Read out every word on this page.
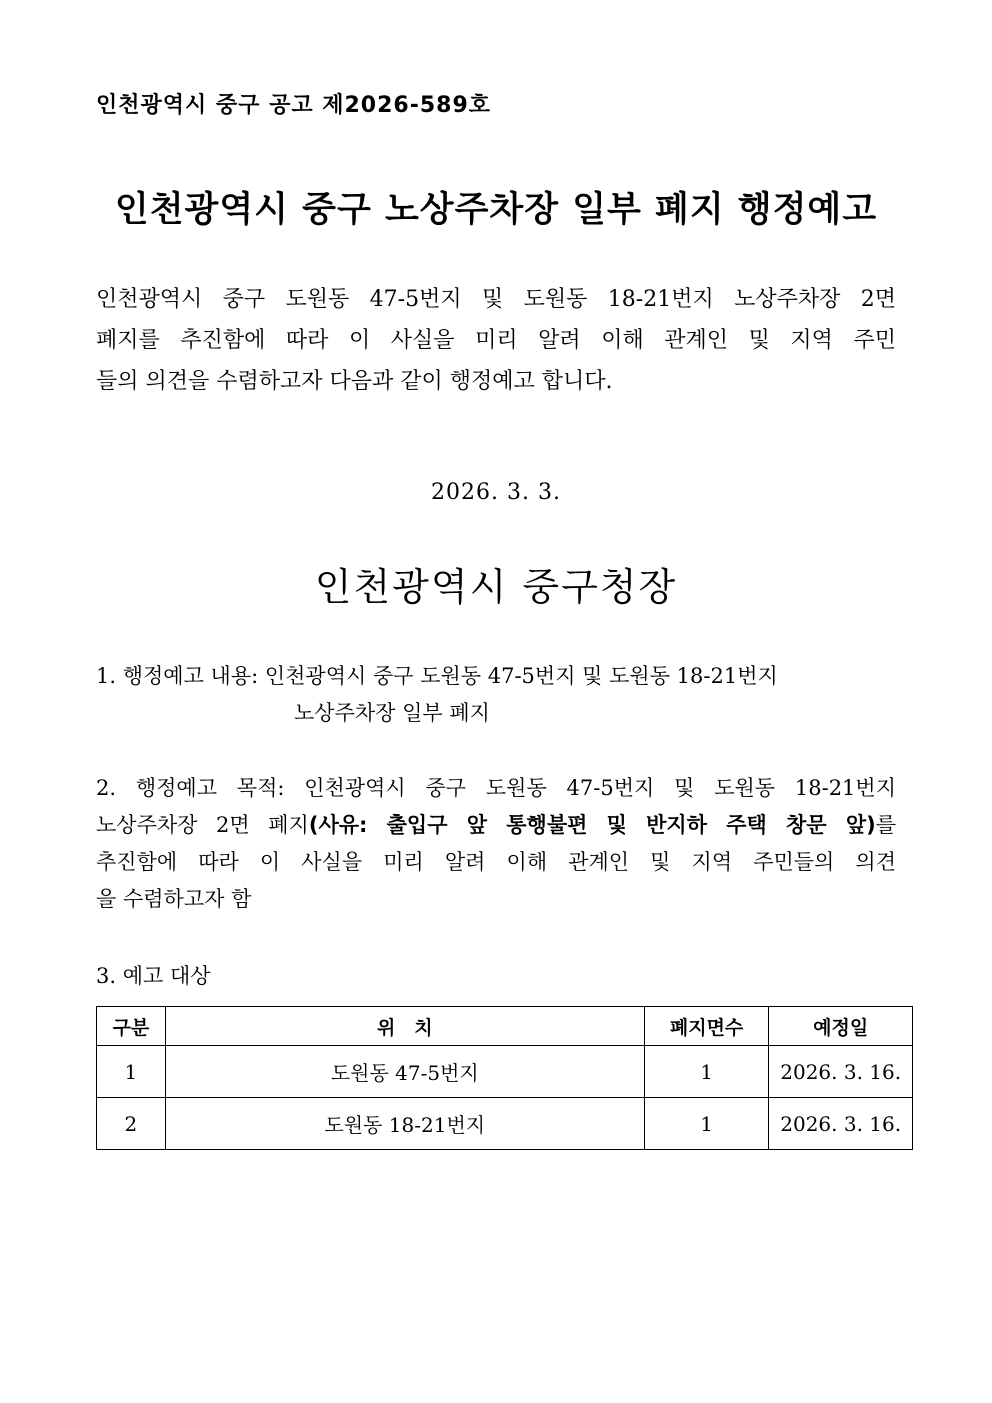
인천광역시 중구 공고 제2026-589호
인천광역시 중구 노상주차장 일부 폐지 행정예고
인천광역시 중구 도원동 47-5번지 및 도원동 18-21번지 노상주차장 2면
폐지를 추진함에 따라 이 사실을 미리 알려 이해 관계인 및 지역 주민
들의 의견을 수렴하고자 다음과 같이 행정예고 합니다.
2026. 3. 3.
인천광역시 중구청장
1. 행정예고 내용: 인천광역시 중구 도원동 47-5번지 및 도원동 18-21번지
노상주차장 일부 폐지
2. 행정예고 목적: 인천광역시 중구 도원동 47-5번지 및 도원동 18-21번지
노상주차장 2면 폐지(사유: 출입구 앞 통행불편 및 반지하 주택 창문 앞)를
추진함에 따라 이 사실을 미리 알려 이해 관계인 및 지역 주민들의 의견
을 수렴하고자 함
3. 예고 대상
구분	위　치	폐지면수	예정일
1	도원동 47-5번지	1	2026. 3. 16.
2	도원동 18-21번지	1	2026. 3. 16.
